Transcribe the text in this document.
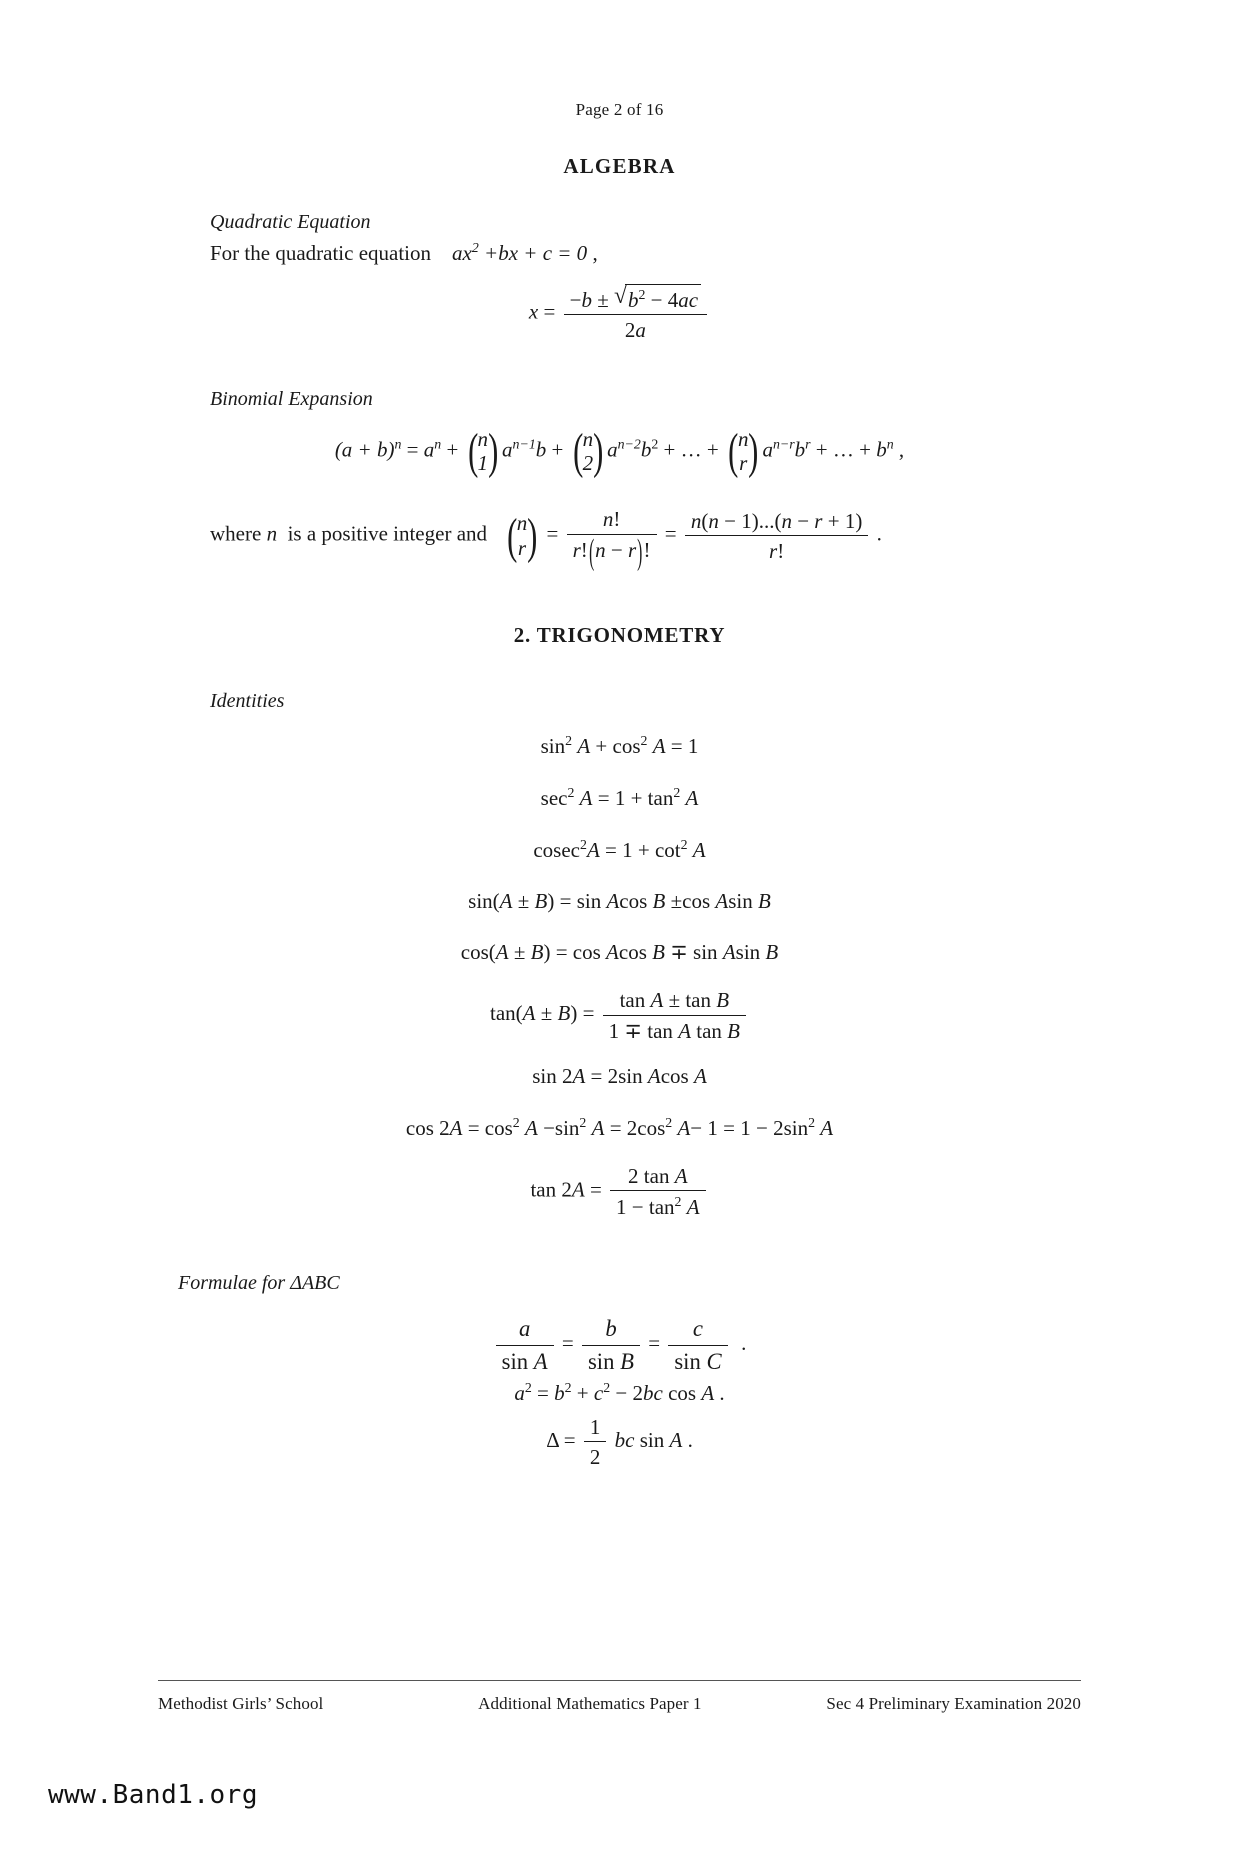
Page 2 of 16
ALGEBRA
Quadratic Equation
For the quadratic equation $ax^2 +bx + c = 0$ ,
$x = \frac{-b \pm √ b^2 - 4ac}{2a}$
Binomial Expansion
$(a + b)^n = a^n$ + ( n
1
)$a^{n-1}b$ + ( n
2
)$a^{n-2}b^2$ + … + ( n
r
)$a^{n-r}b^r$ + … + $b^n$ ,
where n is a positive integer and ( n
r
) = $\frac{n!}{r!(n - r)!} = \frac{n(n - 1)...(n - r + 1)}{r!}$ .
2. TRIGONOMETRY
Identities
$\sin^2 A + \cos^2 A = 1$
$\sec^2 A = 1 + \tan^2 A$
$cosec^2A = 1 + \cot^2 A$
sin(A ± B) = sin Acos B ±cos Asin B
cos(A ± B) = cos Acos B ∓ sin Asin B
$\tan(A \pm B) = \frac{\text{tan A ± tan B}}{\text{1 ∓ tan A tan B}}$
sin 2A = 2sin Acos A
$\cos 2A = \cos^2 A -\sin^2$ $A = 2\cos^2$ $A- 1 = 1 - 2\sin^2$ A
$\tan 2A = \frac{\text{2 tan A}}{1 - \tan^2 A}$
Formulae for ΔABC
$\frac{a}{\text{sin A}} = \frac{b}{\text{sin B}} = \frac{c}{\text{sin C}}$ .
$a^2 = b^2 + c^2 - 2bc$ cos A .
$\Delta = \frac{1}{2}$ bc sin A .
Methodist Girls’ School	Additional Mathematics Paper 1	Sec 4 Preliminary Examination 2020
www.Band1.org
